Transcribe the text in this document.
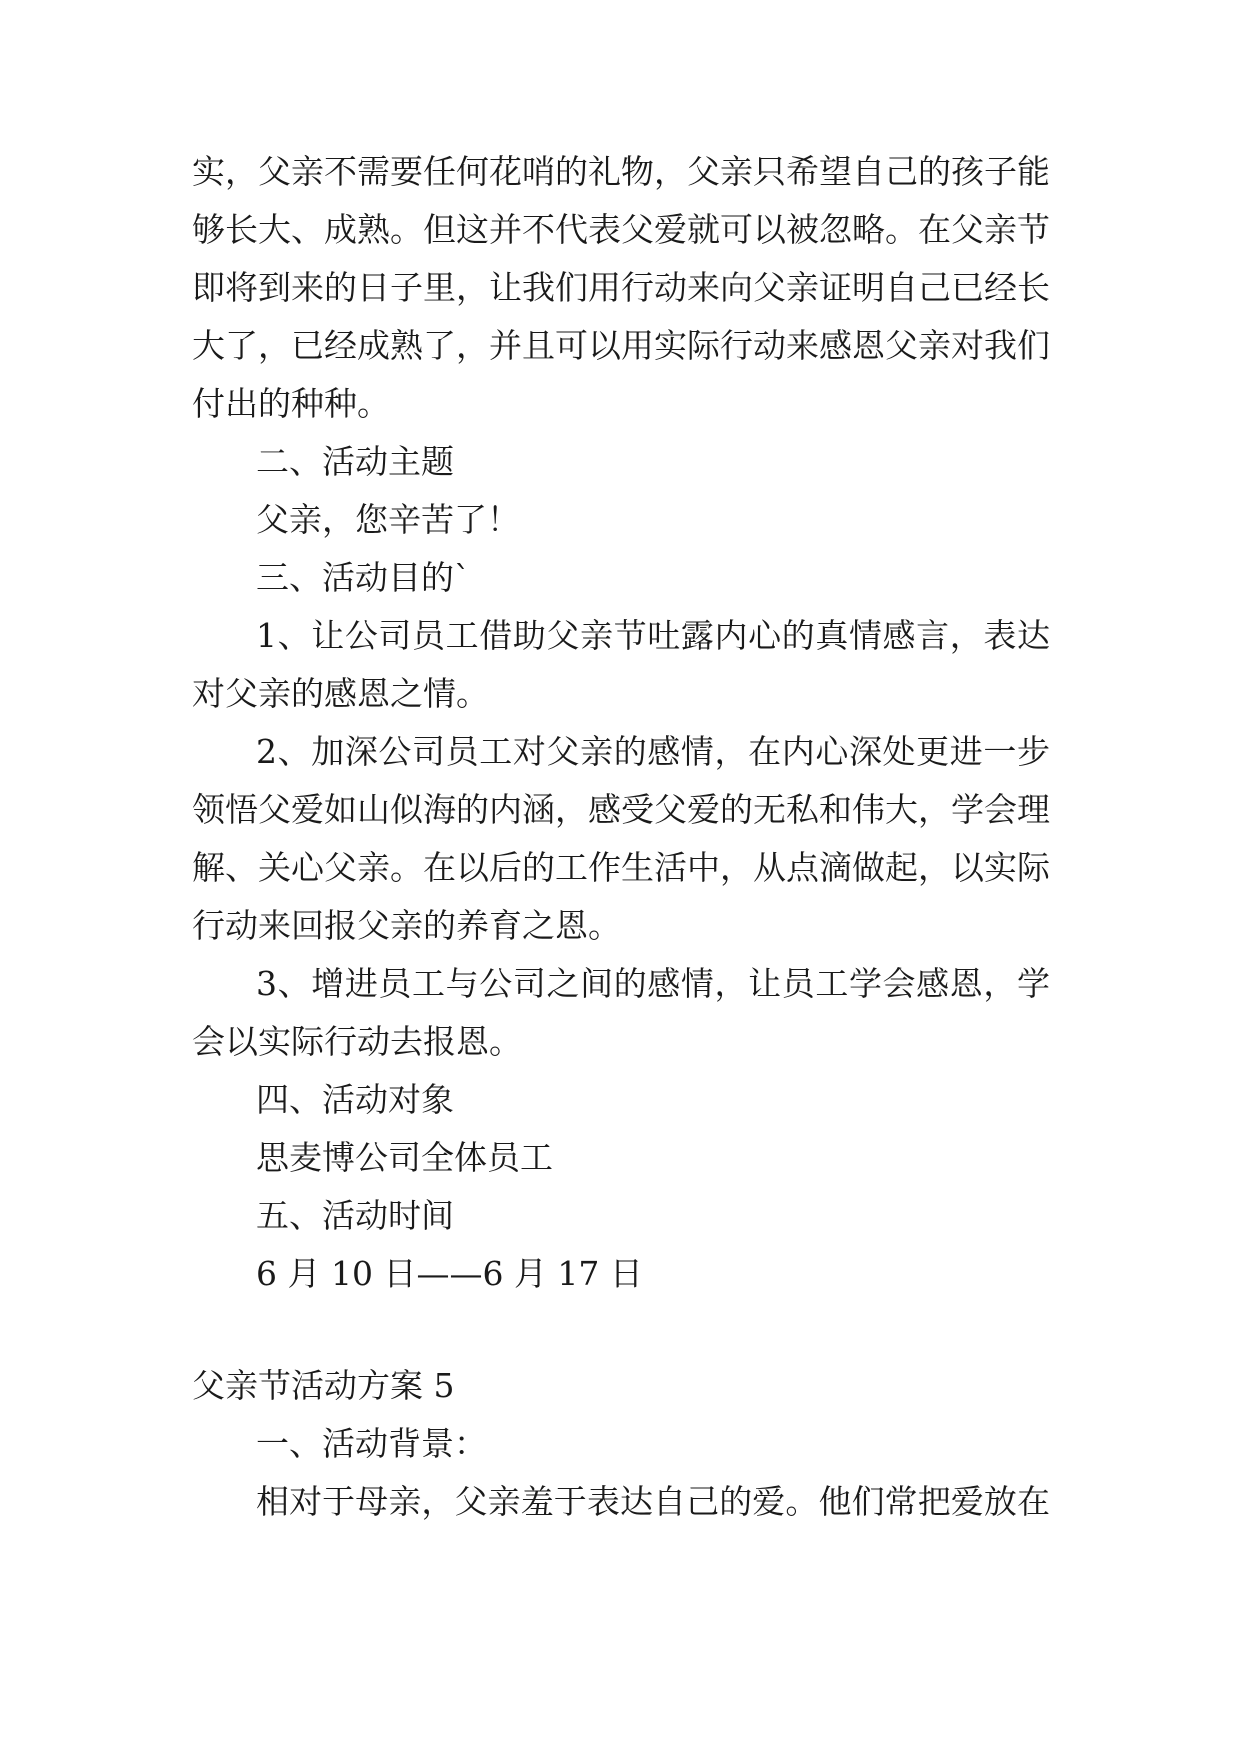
实，父亲不需要任何花哨的礼物，父亲只希望自己的孩子能
够长大、成熟。但这并不代表父爱就可以被忽略。在父亲节
即将到来的日子里，让我们用行动来向父亲证明自己已经长
大了，已经成熟了，并且可以用实际行动来感恩父亲对我们
付出的种种。
二、活动主题
父亲，您辛苦了！
三、活动目的`
1、让公司员工借助父亲节吐露内心的真情感言，表达
对父亲的感恩之情。
2、加深公司员工对父亲的感情，在内心深处更进一步
领悟父爱如山似海的内涵，感受父爱的无私和伟大，学会理
解、关心父亲。在以后的工作生活中，从点滴做起，以实际
行动来回报父亲的养育之恩。
3、增进员工与公司之间的感情，让员工学会感恩，学
会以实际行动去报恩。
四、活动对象
思麦博公司全体员工
五、活动时间
6 月 10 日——6 月 17 日
父亲节活动方案 5
一、活动背景：
相对于母亲，父亲羞于表达自己的爱。他们常把爱放在
